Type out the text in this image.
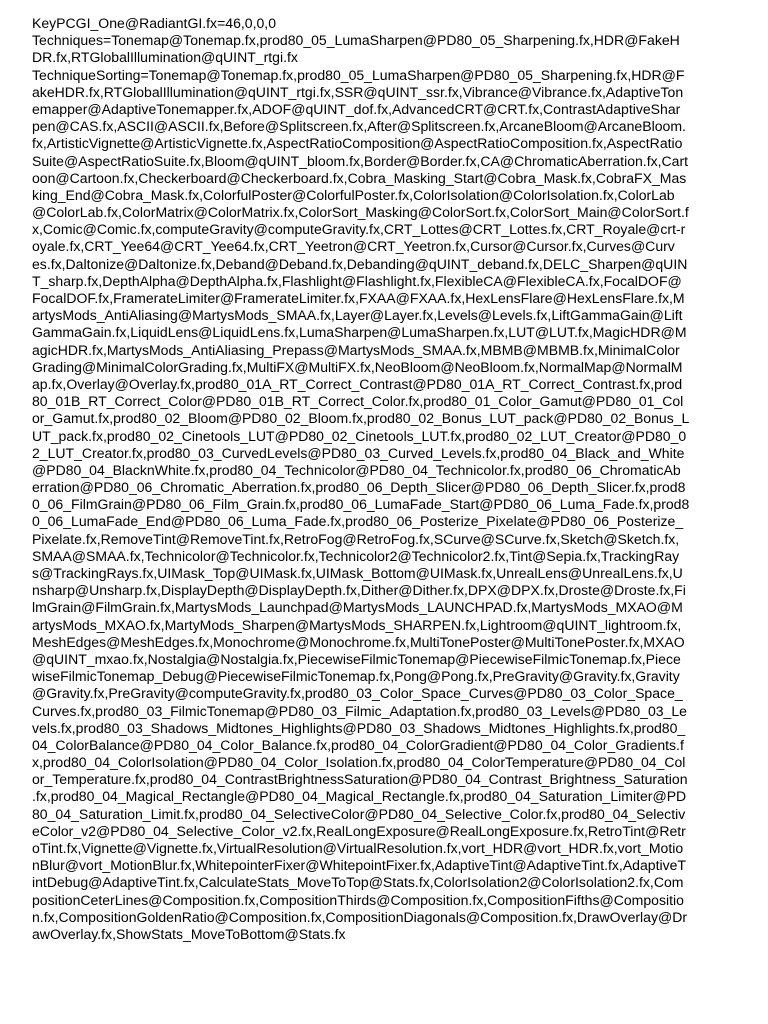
KeyPCGI_One@RadiantGI.fx=46,0,0,0
Techniques=Tonemap@Tonemap.fx,prod80_05_LumaSharpen@PD80_05_Sharpening.fx,HDR@FakeH
DR.fx,RTGlobalIllumination@qUINT_rtgi.fx
TechniqueSorting=Tonemap@Tonemap.fx,prod80_05_LumaSharpen@PD80_05_Sharpening.fx,HDR@F
akeHDR.fx,RTGlobalIllumination@qUINT_rtgi.fx,SSR@qUINT_ssr.fx,Vibrance@Vibrance.fx,AdaptiveTon
emapper@AdaptiveTonemapper.fx,ADOF@qUINT_dof.fx,AdvancedCRT@CRT.fx,ContrastAdaptiveShar
pen@CAS.fx,ASCII@ASCII.fx,Before@Splitscreen.fx,After@Splitscreen.fx,ArcaneBloom@ArcaneBloom.
fx,ArtisticVignette@ArtisticVignette.fx,AspectRatioComposition@AspectRatioComposition.fx,AspectRatio
Suite@AspectRatioSuite.fx,Bloom@qUINT_bloom.fx,Border@Border.fx,CA@ChromaticAberration.fx,Cart
oon@Cartoon.fx,Checkerboard@Checkerboard.fx,Cobra_Masking_Start@Cobra_Mask.fx,CobraFX_Mas
king_End@Cobra_Mask.fx,ColorfulPoster@ColorfulPoster.fx,ColorIsolation@ColorIsolation.fx,ColorLab
@ColorLab.fx,ColorMatrix@ColorMatrix.fx,ColorSort_Masking@ColorSort.fx,ColorSort_Main@ColorSort.f
x,Comic@Comic.fx,computeGravity@computeGravity.fx,CRT_Lottes@CRT_Lottes.fx,CRT_Royale@crt-r
oyale.fx,CRT_Yee64@CRT_Yee64.fx,CRT_Yeetron@CRT_Yeetron.fx,Cursor@Cursor.fx,Curves@Curv
es.fx,Daltonize@Daltonize.fx,Deband@Deband.fx,Debanding@qUINT_deband.fx,DELC_Sharpen@qUIN
T_sharp.fx,DepthAlpha@DepthAlpha.fx,Flashlight@Flashlight.fx,FlexibleCA@FlexibleCA.fx,FocalDOF@
FocalDOF.fx,FramerateLimiter@FramerateLimiter.fx,FXAA@FXAA.fx,HexLensFlare@HexLensFlare.fx,M
artysMods_AntiAliasing@MartysMods_SMAA.fx,Layer@Layer.fx,Levels@Levels.fx,LiftGammaGain@Lift
GammaGain.fx,LiquidLens@LiquidLens.fx,LumaSharpen@LumaSharpen.fx,LUT@LUT.fx,MagicHDR@M
agicHDR.fx,MartysMods_AntiAliasing_Prepass@MartysMods_SMAA.fx,MBMB@MBMB.fx,MinimalColor
Grading@MinimalColorGrading.fx,MultiFX@MultiFX.fx,NeoBloom@NeoBloom.fx,NormalMap@NormalM
ap.fx,Overlay@Overlay.fx,prod80_01A_RT_Correct_Contrast@PD80_01A_RT_Correct_Contrast.fx,prod
80_01B_RT_Correct_Color@PD80_01B_RT_Correct_Color.fx,prod80_01_Color_Gamut@PD80_01_Col
or_Gamut.fx,prod80_02_Bloom@PD80_02_Bloom.fx,prod80_02_Bonus_LUT_pack@PD80_02_Bonus_L
UT_pack.fx,prod80_02_Cinetools_LUT@PD80_02_Cinetools_LUT.fx,prod80_02_LUT_Creator@PD80_0
2_LUT_Creator.fx,prod80_03_CurvedLevels@PD80_03_Curved_Levels.fx,prod80_04_Black_and_White
@PD80_04_BlacknWhite.fx,prod80_04_Technicolor@PD80_04_Technicolor.fx,prod80_06_ChromaticAb
erration@PD80_06_Chromatic_Aberration.fx,prod80_06_Depth_Slicer@PD80_06_Depth_Slicer.fx,prod8
0_06_FilmGrain@PD80_06_Film_Grain.fx,prod80_06_LumaFade_Start@PD80_06_Luma_Fade.fx,prod8
0_06_LumaFade_End@PD80_06_Luma_Fade.fx,prod80_06_Posterize_Pixelate@PD80_06_Posterize_
Pixelate.fx,RemoveTint@RemoveTint.fx,RetroFog@RetroFog.fx,SCurve@SCurve.fx,Sketch@Sketch.fx,
SMAA@SMAA.fx,Technicolor@Technicolor.fx,Technicolor2@Technicolor2.fx,Tint@Sepia.fx,TrackingRay
s@TrackingRays.fx,UIMask_Top@UIMask.fx,UIMask_Bottom@UIMask.fx,UnrealLens@UnrealLens.fx,U
nsharp@Unsharp.fx,DisplayDepth@DisplayDepth.fx,Dither@Dither.fx,DPX@DPX.fx,Droste@Droste.fx,Fi
lmGrain@FilmGrain.fx,MartysMods_Launchpad@MartysMods_LAUNCHPAD.fx,MartysMods_MXAO@M
artysMods_MXAO.fx,MartyMods_Sharpen@MartysMods_SHARPEN.fx,Lightroom@qUINT_lightroom.fx,
MeshEdges@MeshEdges.fx,Monochrome@Monochrome.fx,MultiTonePoster@MultiTonePoster.fx,MXAO
@qUINT_mxao.fx,Nostalgia@Nostalgia.fx,PiecewiseFilmicTonemap@PiecewiseFilmicTonemap.fx,Piece
wiseFilmicTonemap_Debug@PiecewiseFilmicTonemap.fx,Pong@Pong.fx,PreGravity@Gravity.fx,Gravity
@Gravity.fx,PreGravity@computeGravity.fx,prod80_03_Color_Space_Curves@PD80_03_Color_Space_
Curves.fx,prod80_03_FilmicTonemap@PD80_03_Filmic_Adaptation.fx,prod80_03_Levels@PD80_03_Le
vels.fx,prod80_03_Shadows_Midtones_Highlights@PD80_03_Shadows_Midtones_Highlights.fx,prod80_
04_ColorBalance@PD80_04_Color_Balance.fx,prod80_04_ColorGradient@PD80_04_Color_Gradients.f
x,prod80_04_ColorIsolation@PD80_04_Color_Isolation.fx,prod80_04_ColorTemperature@PD80_04_Col
or_Temperature.fx,prod80_04_ContrastBrightnessSaturation@PD80_04_Contrast_Brightness_Saturation
.fx,prod80_04_Magical_Rectangle@PD80_04_Magical_Rectangle.fx,prod80_04_Saturation_Limiter@PD
80_04_Saturation_Limit.fx,prod80_04_SelectiveColor@PD80_04_Selective_Color.fx,prod80_04_Selectiv
eColor_v2@PD80_04_Selective_Color_v2.fx,RealLongExposure@RealLongExposure.fx,RetroTint@Retr
oTint.fx,Vignette@Vignette.fx,VirtualResolution@VirtualResolution.fx,vort_HDR@vort_HDR.fx,vort_Motio
nBlur@vort_MotionBlur.fx,WhitepointerFixer@WhitepointFixer.fx,AdaptiveTint@AdaptiveTint.fx,AdaptiveT
intDebug@AdaptiveTint.fx,CalculateStats_MoveToTop@Stats.fx,ColorIsolation2@ColorIsolation2.fx,Com
positionCeterLines@Composition.fx,CompositionThirds@Composition.fx,CompositionFifths@Compositio
n.fx,CompositionGoldenRatio@Composition.fx,CompositionDiagonals@Composition.fx,DrawOverlay@Dr
awOverlay.fx,ShowStats_MoveToBottom@Stats.fx
